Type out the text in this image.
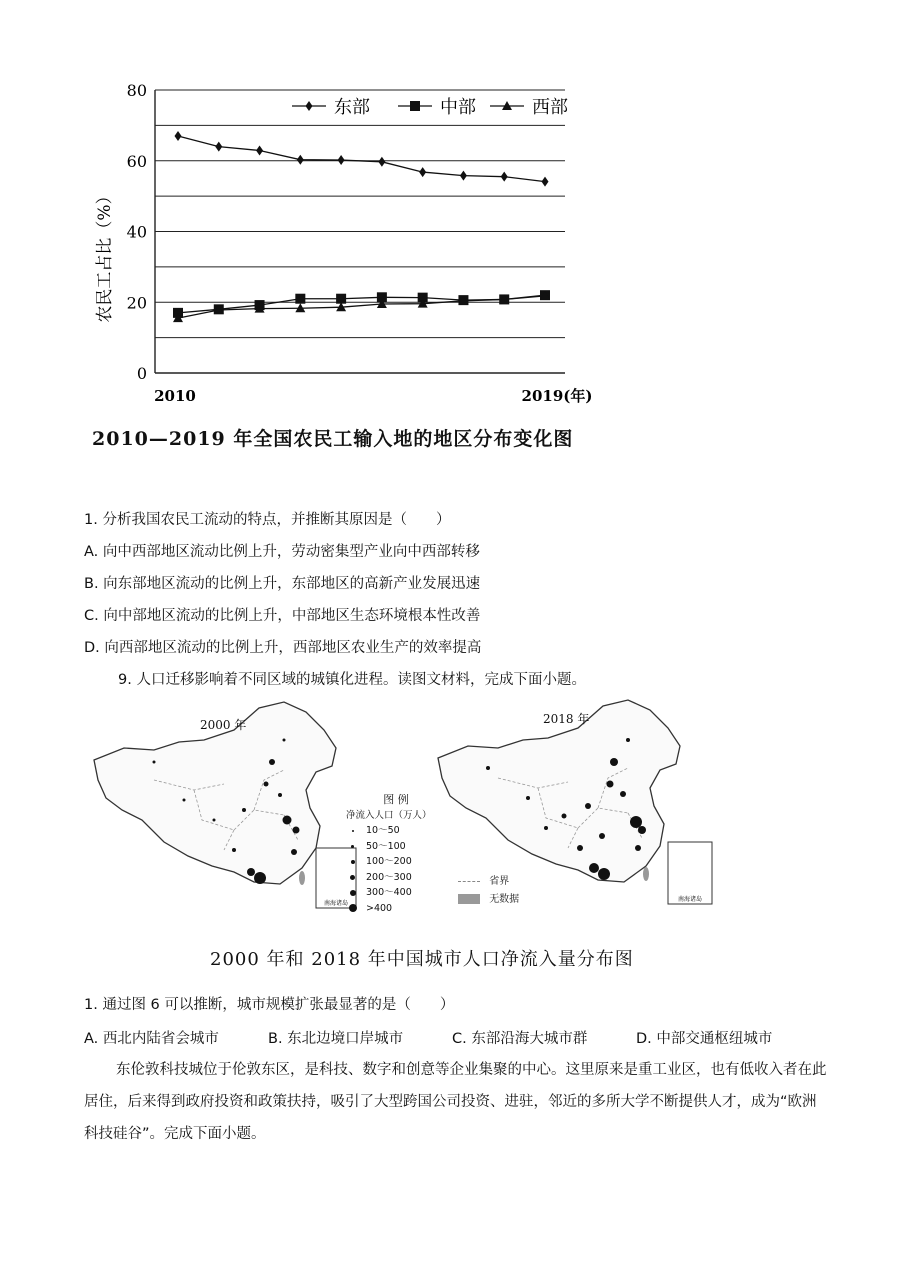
农民工占比（%）
0
20
40
60
80
东部	中部	西部
2010	2019(年)
2010—2019 年全国农民工输入地的地区分布变化图
1. 分析我国农民工流动的特点，并推断其原因是（　　）
A. 向中西部地区流动比例上升，劳动密集型产业向中西部转移
B. 向东部地区流动的比例上升，东部地区的高新产业发展迅速
C. 向中部地区流动的比例上升，中部地区生态环境根本性改善
D. 向西部地区流动的比例上升，西部地区农业生产的效率提高
9. 人口迁移影响着不同区域的城镇化进程。读图文材料，完成下面小题。
南海诸岛
2000 年
南海诸岛
2018 年
图 例
净流入人口（万人）
10～50
50～100
100～200
200～300
300～400
>400
省界
无数据
2000 年和 2018 年中国城市人口净流入量分布图
1. 通过图 6 可以推断，城市规模扩张最显著的是（　　）
A. 西北内陆省会城市	B. 东北边境口岸城市	C. 东部沿海大城市群	D. 中部交通枢纽城市
东伦敦科技城位于伦敦东区，是科技、数字和创意等企业集聚的中心。这里原来是重工业区，也有低收入者在此居住，后来得到政府投资和政策扶持，吸引了大型跨国公司投资、进驻，邻近的多所大学不断提供人才，成为“欧洲科技硅谷”。完成下面小题。
